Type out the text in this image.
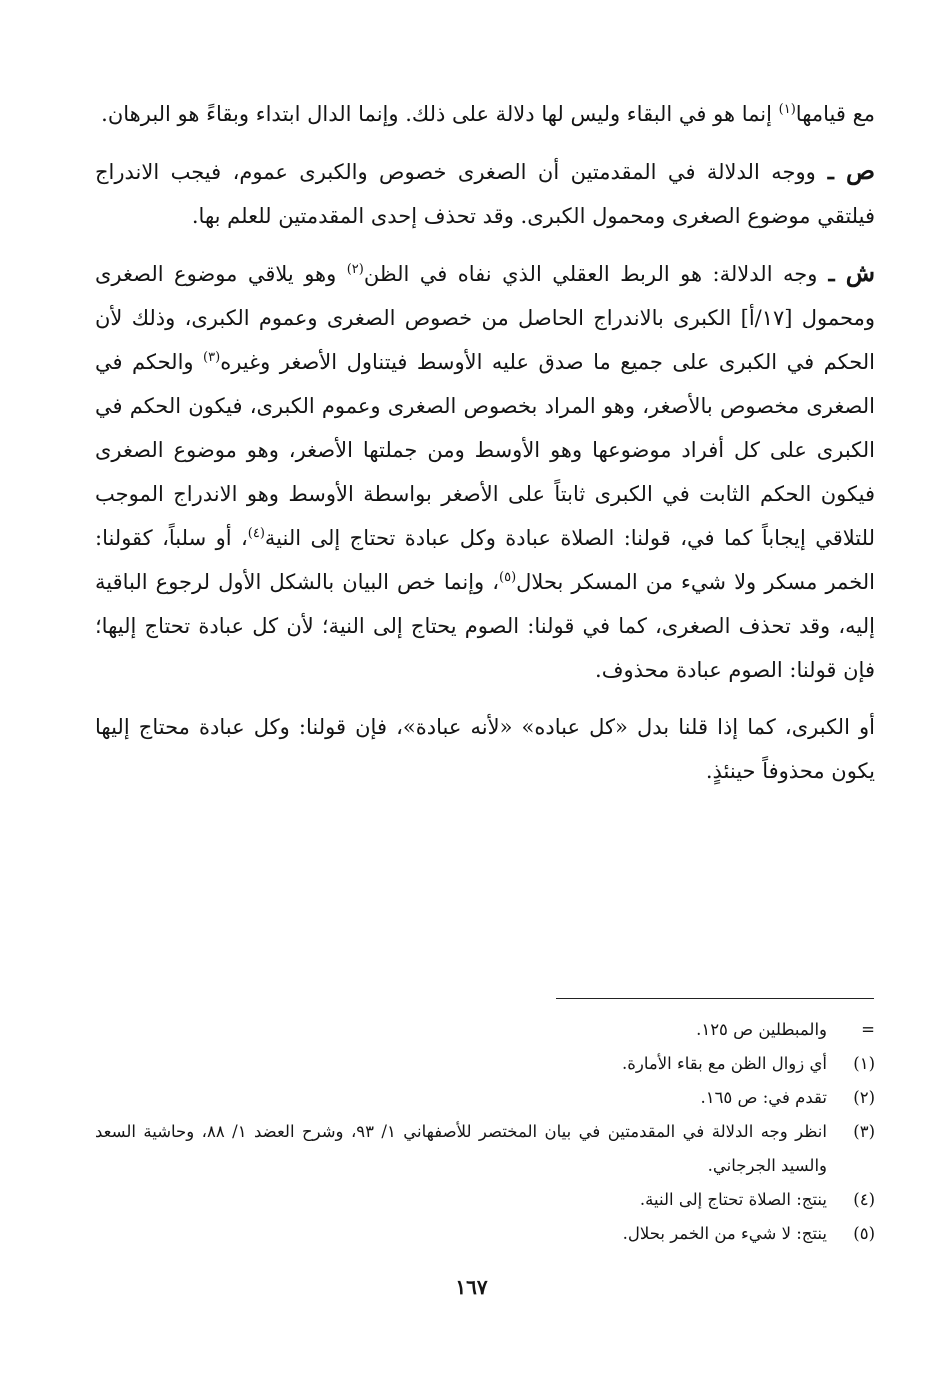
مع قيامها$^{(١)}$ إنما هو في البقاء وليس لها دلالة على ذلك. وإنما الدال ابتداء وبقاءً هو البرهان.

ص ـ ووجه الدلالة في المقدمتين أن الصغرى خصوص والكبرى عموم، فيجب الاندراج فيلتقي موضوع الصغرى ومحمول الكبرى. وقد تحذف إحدى المقدمتين للعلم بها.

ش ـ وجه الدلالة: هو الربط العقلي الذي نفاه في الظن$^{(٢)}$ وهو يلاقي موضوع الصغرى ومحمول [١٧/أ] الكبرى بالاندراج الحاصل من خصوص الصغرى وعموم الكبرى، وذلك لأن الحكم في الكبرى على جميع ما صدق عليه الأوسط فيتناول الأصغر وغيره$^{(٣)}$ والحكم في الصغرى مخصوص بالأصغر، وهو المراد بخصوص الصغرى وعموم الكبرى، فيكون الحكم في الكبرى على كل أفراد موضوعها وهو الأوسط ومن جملتها الأصغر، وهو موضوع الصغرى فيكون الحكم الثابت في الكبرى ثابتاً على الأصغر بواسطة الأوسط وهو الاندراج الموجب للتلاقي إيجاباً كما في، قولنا: الصلاة عبادة وكل عبادة تحتاج إلى النية$^{(٤)}$، أو سلباً، كقولنا: الخمر مسكر ولا شيء من المسكر بحلال$^{(٥)}$، وإنما خص البيان بالشكل الأول لرجوع الباقية إليه، وقد تحذف الصغرى، كما في قولنا: الصوم يحتاج إلى النية؛ لأن كل عبادة تحتاج إليها؛ فإن قولنا: الصوم عبادة محذوف.

أو الكبرى، كما إذا قلنا بدل «كل عباده» «لأنه عبادة»، فإن قولنا: وكل عبادة محتاج إليها يكون محذوفاً حينئذٍ.

=
والمبطلين ص ١٢٥.
(١)
أي زوال الظن مع بقاء الأمارة.
(٢)
تقدم في: ص ١٦٥.
(٣)
انظر وجه الدلالة في المقدمتين في بيان المختصر للأصفهاني ١/ ٩٣، وشرح العضد ١/ ٨٨، وحاشية السعد والسيد الجرجاني.
(٤)
ينتج: الصلاة تحتاج إلى النية.
(٥)
ينتج: لا شيء من الخمر بحلال.
١٦٧
